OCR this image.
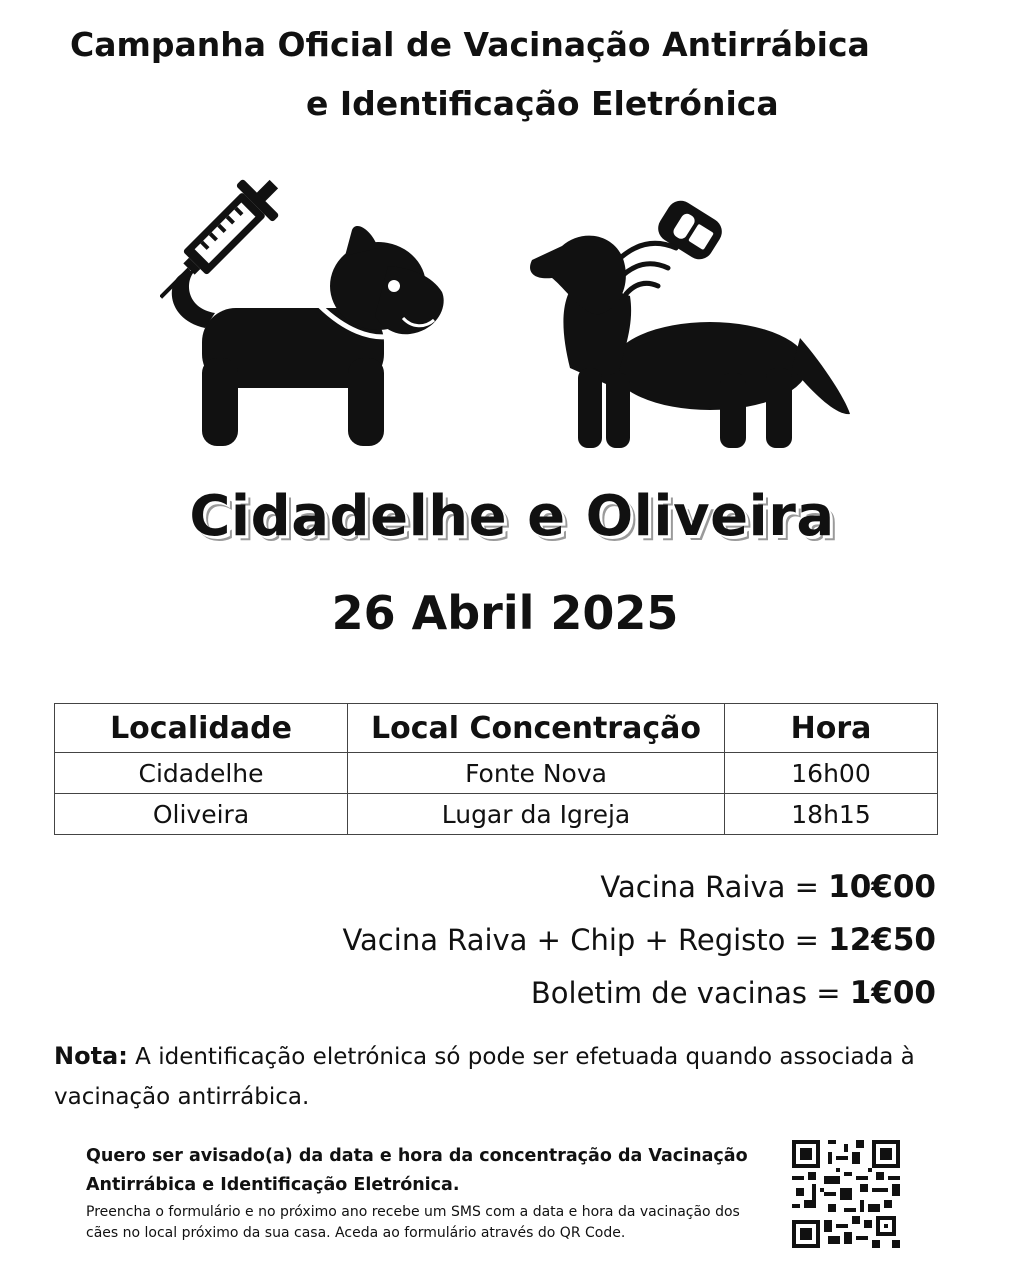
Campanha Oficial de Vacinação Antirrábica
e Identificação Eletrónica
Cidadelhe e Oliveira
26 Abril 2025
Localidade	Local Concentração	Hora
Cidadelhe	Fonte Nova	16h00
Oliveira	Lugar da Igreja	18h15
Vacina Raiva = 10€00
Vacina Raiva + Chip + Registo = 12€50
Boletim de vacinas = 1€00
Nota: A identificação eletrónica só pode ser efetuada quando associada à vacinação antirrábica.
Quero ser avisado(a) da data e hora da concentração da Vacinação Antirrábica e Identificação Eletrónica.
Preencha o formulário e no próximo ano recebe um SMS com a data e hora da vacinação dos cães no local próximo da sua casa. Aceda ao formulário através do QR Code.
